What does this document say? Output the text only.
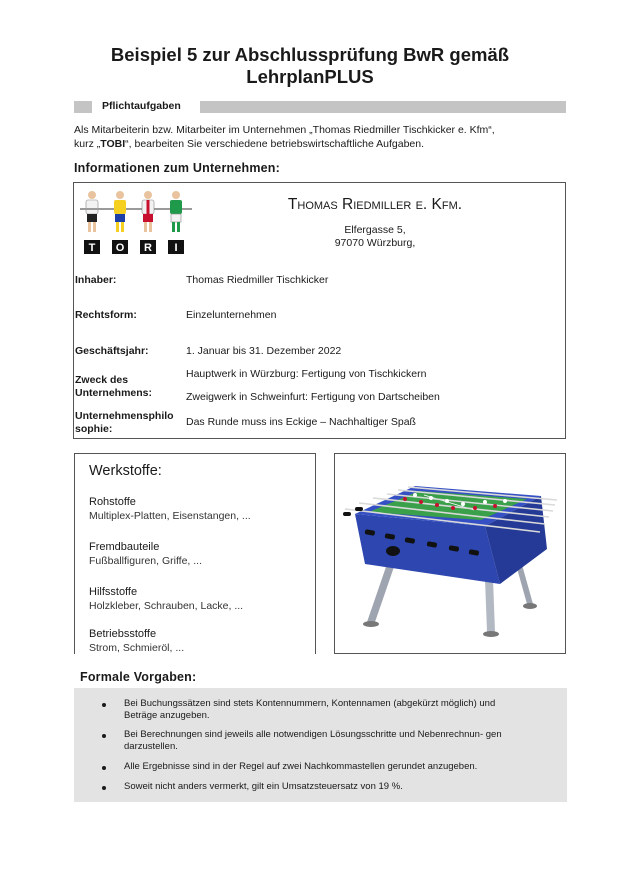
Beispiel 5 zur Abschlussprüfung BwR gemäß
LehrplanPLUS
Pflichtaufgaben
Als Mitarbeiterin bzw. Mitarbeiter im Unternehmen „Thomas Riedmiller Tischkicker e. Kfm“,
kurz „TOBI“, bearbeiten Sie verschiedene betriebswirtschaftliche Aufgaben.
Informationen zum Unternehmen:
T O R I
Thomas Riedmiller e. Kfm.
Elfergasse 5,
97070 Würzburg,
Inhaber:	Thomas Riedmiller Tischkicker
Rechtsform:	Einzelunternehmen
Geschäftsjahr:	1. Januar bis 31. Dezember 2022
Zweck des
Unternehmens:
Hauptwerk in Würzburg: Fertigung von Tischkickern
Zweigwerk in Schweinfurt: Fertigung von Dartscheiben
Unternehmensphilo
sophie:
Das Runde muss ins Eckige – Nachhaltiger Spaß
Werkstoffe:
Rohstoffe
Multiplex-Platten, Eisenstangen, ...
Fremdbauteile
Fußballfiguren, Griffe, ...
Hilfsstoffe
Holzkleber, Schrauben, Lacke, ...
Betriebsstoffe
Strom, Schmieröl, ...
Formale Vorgaben:
Bei Buchungssätzen sind stets Kontennummern, Kontennamen (abgekürzt möglich) und
Beträge anzugeben.
Bei Berechnungen sind jeweils alle notwendigen Lösungsschritte und Nebenrechnun- gen
darzustellen.
Alle Ergebnisse sind in der Regel auf zwei Nachkommastellen gerundet anzugeben.
Soweit nicht anders vermerkt, gilt ein Umsatzsteuersatz von 19 %.
